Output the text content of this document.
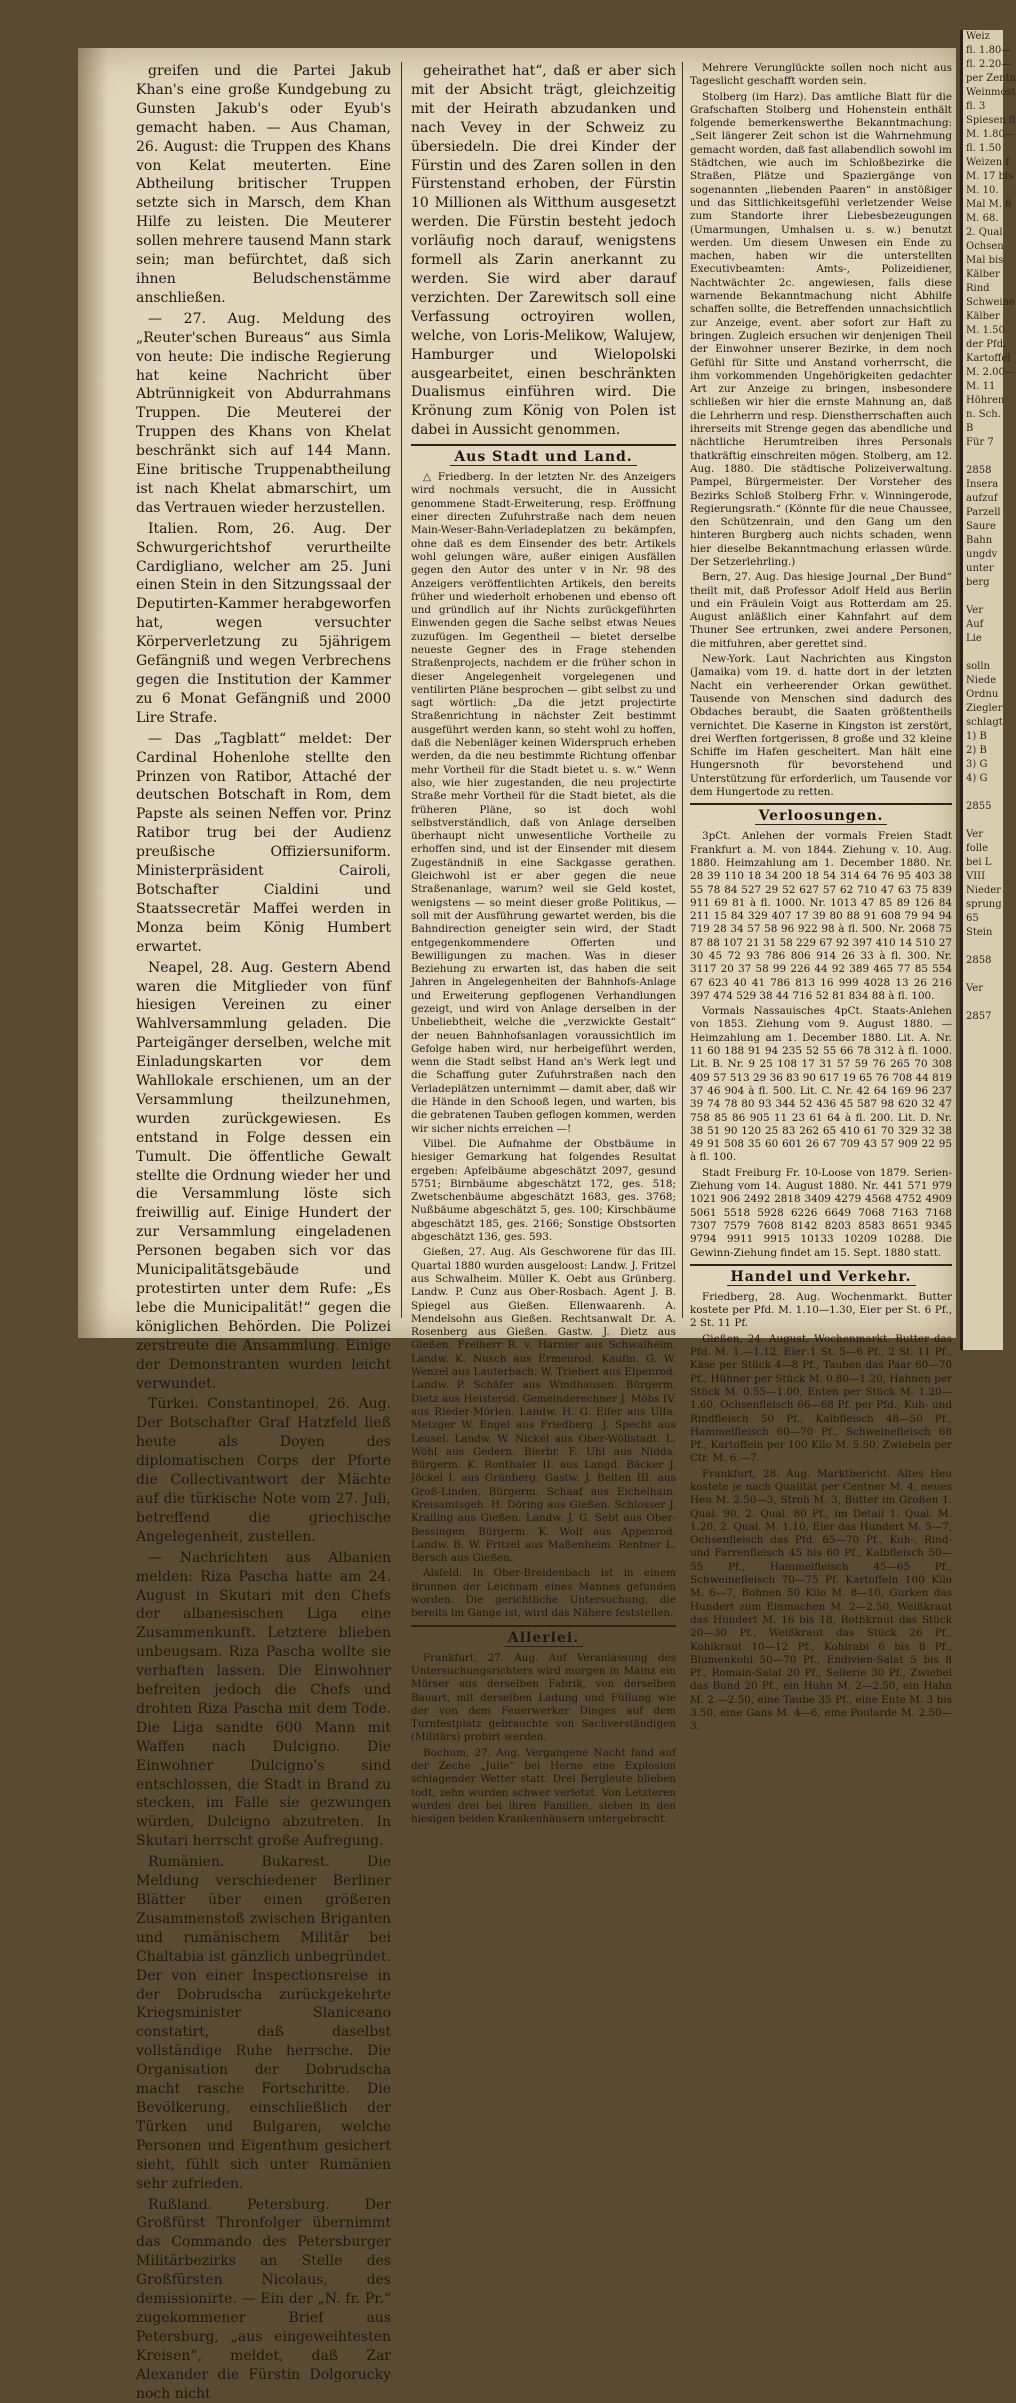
greifen und die Partei Jakub Khan's eine große Kundgebung zu Gunsten Jakub's oder Eyub's gemacht haben. — Aus Chaman, 26. August: die Truppen des Khans von Kelat meuterten. Eine Abtheilung britischer Truppen setzte sich in Marsch, dem Khan Hilfe zu leisten. Die Meuterer sollen mehrere tausend Mann stark sein; man befürchtet, daß sich ihnen Beludschenstämme anschließen.

— 27. Aug. Meldung des „Reuter'schen Bureaus“ aus Simla von heute: Die indische Regierung hat keine Nachricht über Abtrünnigkeit von Abdurrahmans Truppen. Die Meuterei der Truppen des Khans von Khelat beschränkt sich auf 144 Mann. Eine britische Truppenabtheilung ist nach Khelat abmarschirt, um das Vertrauen wieder herzustellen.

Italien. Rom, 26. Aug. Der Schwurgerichtshof verurtheilte Cardigliano, welcher am 25. Juni einen Stein in den Sitzungssaal der Deputirten-Kammer herabgeworfen hat, wegen versuchter Körperverletzung zu 5jährigem Gefängniß und wegen Verbrechens gegen die Institution der Kammer zu 6 Monat Gefängniß und 2000 Lire Strafe.

— Das „Tagblatt“ meldet: Der Cardinal Hohenlohe stellte den Prinzen von Ratibor, Attaché der deutschen Botschaft in Rom, dem Papste als seinen Neffen vor. Prinz Ratibor trug bei der Audienz preußische Offiziersuniform. Ministerpräsident Cairoli, Botschafter Cialdini und Staatssecretär Maffei werden in Monza beim König Humbert erwartet.

Neapel, 28. Aug. Gestern Abend waren die Mitglieder von fünf hiesigen Vereinen zu einer Wahlversammlung geladen. Die Parteigänger derselben, welche mit Einladungskarten vor dem Wahllokale erschienen, um an der Versammlung theilzunehmen, wurden zurückgewiesen. Es entstand in Folge dessen ein Tumult. Die öffentliche Gewalt stellte die Ordnung wieder her und die Versammlung löste sich freiwillig auf. Einige Hundert der zur Versammlung eingeladenen Personen begaben sich vor das Municipalitätsgebäude und protestirten unter dem Rufe: „Es lebe die Municipalität!“ gegen die königlichen Behörden. Die Polizei zerstreute die Ansammlung. Einige der Demonstranten wurden leicht verwundet.

Türkei. Constantinopel, 26. Aug. Der Botschafter Graf Hatzfeld ließ heute als Doyen des diplomatischen Corps der Pforte die Collectivantwort der Mächte auf die türkische Note vom 27. Juli, betreffend die griechische Angelegenheit, zustellen.

— Nachrichten aus Albanien melden: Riza Pascha hatte am 24. August in Skutari mit den Chefs der albanesischen Liga eine Zusammenkunft. Letztere blieben unbeugsam. Riza Pascha wollte sie verhaften lassen. Die Einwohner befreiten jedoch die Chefs und drohten Riza Pascha mit dem Tode. Die Liga sandte 600 Mann mit Waffen nach Dulcigno. Die Einwohner Dulcigno's sind entschlossen, die Stadt in Brand zu stecken, im Falle sie gezwungen würden, Dulcigno abzutreten. In Skutari herrscht große Aufregung.

Rumänien. Bukarest. Die Meldung verschiedener Berliner Blätter über einen größeren Zusammenstoß zwischen Briganten und rumänischem Militär bei Chaltabia ist gänzlich unbegründet. Der von einer Inspectionsreise in der Dobrudscha zurückgekehrte Kriegsminister Slaniceano constatirt, daß daselbst vollständige Ruhe herrsche. Die Organisation der Dobrudscha macht rasche Fortschritte. Die Bevölkerung, einschließlich der Türken und Bulgaren, welche Personen und Eigenthum gesichert sieht, fühlt sich unter Rumänien sehr zufrieden.

Rußland. Petersburg. Der Großfürst Thronfolger übernimmt das Commando des Petersburger Militärbezirks an Stelle des Großfürsten Nicolaus, des demissionirte. — Ein der „N. fr. Pr.“ zugekommener Brief aus Petersburg, „aus eingeweihtesten Kreisen“, meldet, daß Zar Alexander die Fürstin Dolgorucky noch nicht

geheirathet hat“, daß er aber sich mit der Absicht trägt, gleichzeitig mit der Heirath abzudanken und nach Vevey in der Schweiz zu übersiedeln. Die drei Kinder der Fürstin und des Zaren sollen in den Fürstenstand erhoben, der Fürstin 10 Millionen als Witthum ausgesetzt werden. Die Fürstin besteht jedoch vorläufig noch darauf, wenigstens formell als Zarin anerkannt zu werden. Sie wird aber darauf verzichten. Der Zarewitsch soll eine Verfassung octroyiren wollen, welche, von Loris-Melikow, Walujew, Hamburger und Wielopolski ausgearbeitet, einen beschränkten Dualismus einführen wird. Die Krönung zum König von Polen ist dabei in Aussicht genommen.

Aus Stadt und Land.

△ Friedberg. In der letzten Nr. des Anzeigers wird nochmals versucht, die in Aussicht genommene Stadt-Erweiterung, resp. Eröffnung einer directen Zufuhrstraße nach dem neuen Main-Weser-Bahn-Verladeplatzen zu bekämpfen, ohne daß es dem Einsender des betr. Artikels wohl gelungen wäre, außer einigen Ausfällen gegen den Autor des unter v in Nr. 98 des Anzeigers veröffentlichten Artikels, den bereits früher und wiederholt erhobenen und ebenso oft und gründlich auf ihr Nichts zurückgeführten Einwenden gegen die Sache selbst etwas Neues zuzufügen. Im Gegentheil — bietet derselbe neueste Gegner des in Frage stehenden Straßenprojects, nachdem er die früher schon in dieser Angelegenheit vorgelegenen und ventilirten Pläne besprochen — gibt selbst zu und sagt wörtlich: „Da die jetzt projectirte Straßenrichtung in nächster Zeit bestimmt ausgeführt werden kann, so steht wohl zu hoffen, daß die Nebenläger keinen Widerspruch erheben werden, da die neu bestimmte Richtung offenbar mehr Vortheil für die Stadt bietet u. s. w.“ Wenn also, wie hier zugestanden, die neu projectirte Straße mehr Vortheil für die Stadt bietet, als die früheren Pläne, so ist doch wohl selbstverständlich, daß von Anlage derselben überhaupt nicht unwesentliche Vortheile zu erhoffen sind, und ist der Einsender mit diesem Zugeständniß in eine Sackgasse gerathen. Gleichwohl ist er aber gegen die neue Straßenanlage, warum? weil sie Geld kostet, wenigstens — so meint dieser große Politikus, — soll mit der Ausführung gewartet werden, bis die Bahndirection geneigter sein wird, der Stadt entgegenkommendere Offerten und Bewilligungen zu machen. Was in dieser Beziehung zu erwarten ist, das haben die seit Jahren in Angelegenheiten der Bahnhofs-Anlage und Erweiterung gepflogenen Verhandlungen gezeigt, und wird von Anlage derselben in der Unbeliebtheit, welche die „verzwickte Gestalt“ der neuen Bahnhofsanlagen voraussichtlich im Gefolge haben wird, nur herbeigeführt werden, wenn die Stadt selbst Hand an's Werk legt und die Schaffung guter Zufuhrstraßen nach den Verladeplätzen unternimmt — damit aber, daß wir die Hände in den Schooß legen, und warten, bis die gebratenen Tauben geflogen kommen, werden wir sicher nichts erreichen —!

Vilbel. Die Aufnahme der Obstbäume in hiesiger Gemarkung hat folgendes Resultat ergeben: Apfelbäume abgeschätzt 2097, gesund 5751; Birnbäume abgeschätzt 172, ges. 518; Zwetschenbäume abgeschätzt 1683, ges. 3768; Nußbäume abgeschätzt 5, ges. 100; Kirschbäume abgeschätzt 185, ges. 2166; Sonstige Obstsorten abgeschätzt 136, ges. 593.

Gießen, 27. Aug. Als Geschworene für das III. Quartal 1880 wurden ausgeloost: Landw. J. Fritzel aus Schwalheim. Müller K. Oebt aus Grünberg. Landw. P. Cunz aus Ober-Rosbach. Agent J. B. Spiegel aus Gießen. Ellenwaarenh. A. Mendelsohn aus Gießen. Rechtsanwalt Dr. A. Rosenberg aus Gießen. Gastw. J. Dietz aus Gießen. Freiherr R. v. Harnier aus Schwalheim. Landw. K. Nusch aus Ermenrod. Kaufm. G. W. Wenzel aus Lauterbach. W. Triebert aus Elpenrod. Landw. P. Schäfer aus Windhausen. Bürgerm. Dietz aus Heisterod. Gemeinderechner J. Möbs IV. aus Rieder-Mörlen. Landw. H. G. Eifer aus Ulfa. Metzger W. Engel aus Friedberg. J. Specht aus Leusel. Landw. W. Nickel aus Ober-Wöllstadt. L. Wöhl aus Gedern. Bierbr. F. Uhl aus Nidda. Bürgerm. K. Ronthaler II. aus Langd. Bäcker J. Jöckel I. aus Grünberg. Gastw. J. Belten III. aus Groß-Linden. Bürgerm. Schaaf aus Eichelhain. Kreisamtsgeh. H. Döring aus Gießen. Schlosser J. Krailing aus Gießen. Landw. J. G. Sebt aus Ober-Bessingen. Bürgerm. K. Wolf aus Appenrod. Landw. B. W. Fritzel aus Maßenheim. Rentner L. Bersch aus Gießen.

Alsfeld. In Ober-Breidenbach ist in einem Brunnen der Leichnam eines Mannes gefunden worden. Die gerichtliche Untersuchung, die bereits im Gange ist, wird das Nähere feststellen.

Allerlei.

Frankfurt, 27. Aug. Auf Veranlassung des Untersuchungsrichters wird morgen in Mainz ein Mörser aus derselben Fabrik, von derselben Bauart, mit derselben Ladung und Füllung wie der von dem Feuerwerker Dinges auf dem Turnfestplatz gebrauchte von Sachverständigen (Militärs) probirt werden.

Bochum, 27. Aug. Vergangene Nacht fand auf der Zeche „Julie“ bei Herne eine Explosion schlagender Wetter statt. Drei Bergleute blieben todt, zehn wurden schwer verletzt. Von Letzteren wurden drei bei ihren Familien, sieben in den hiesigen beiden Krankenhäusern untergebracht.

Mehrere Verunglückte sollen noch nicht aus Tageslicht geschafft worden sein.

Stolberg (im Harz). Das amtliche Blatt für die Grafschaften Stolberg und Hohenstein enthält folgende bemerkenswerthe Bekanntmachung: „Seit längerer Zeit schon ist die Wahrnehmung gemacht worden, daß fast allabendlich sowohl im Städtchen, wie auch im Schloßbezirke die Straßen, Plätze und Spaziergänge von sogenannten „liebenden Paaren“ in anstößiger und das Sittlichkeitsgefühl verletzender Weise zum Standorte ihrer Liebesbezeugungen (Umarmungen, Umhalsen u. s. w.) benutzt werden. Um diesem Unwesen ein Ende zu machen, haben wir die unterstellten Executivbeamten: Amts-, Polizeidiener, Nachtwächter 2c. angewiesen, falls diese warnende Bekanntmachung nicht Abhilfe schaffen sollte, die Betreffenden unnachsichtlich zur Anzeige, event. aber sofort zur Haft zu bringen. Zugleich ersuchen wir denjenigen Theil der Einwohner unserer Bezirke, in dem noch Gefühl für Sitte und Anstand vorherrscht, die ihm vorkommenden Ungehörigkeiten gedachter Art zur Anzeige zu bringen, insbesondere schließen wir hier die ernste Mahnung an, daß die Lehrherrn und resp. Dienstherrschaften auch ihrerseits mit Strenge gegen das abendliche und nächtliche Herumtreiben ihres Personals thatkräftig einschreiten mögen. Stolberg, am 12. Aug. 1880. Die städtische Polizeiverwaltung. Pampel, Bürgermeister. Der Vorsteher des Bezirks Schloß Stolberg Frhr. v. Winningerode, Regierungsrath.“ (Könnte für die neue Chaussee, den Schützenrain, und den Gang um den hinteren Burgberg auch nichts schaden, wenn hier dieselbe Bekanntmachung erlassen würde. Der Setzerlehrling.)

Bern, 27. Aug. Das hiesige Journal „Der Bund“ theilt mit, daß Professor Adolf Held aus Berlin und ein Fräulein Voigt aus Rotterdam am 25. August anläßlich einer Kahnfahrt auf dem Thuner See ertrunken, zwei andere Personen, die mitfuhren, aber gerettet sind.

New-York. Laut Nachrichten aus Kingston (Jamaika) vom 19. d. hatte dort in der letzten Nacht ein verheerender Orkan gewüthet. Tausende von Menschen sind dadurch des Obdaches beraubt, die Saaten größtentheils vernichtet. Die Kaserne in Kingston ist zerstört, drei Werften fortgerissen, 8 große und 32 kleine Schiffe im Hafen gescheitert. Man hält eine Hungersnoth für bevorstehend und Unterstützung für erforderlich, um Tausende vor dem Hungertode zu retten.

Verloosungen.

3pCt. Anlehen der vormals Freien Stadt Frankfurt a. M. von 1844. Ziehung v. 10. Aug. 1880. Heimzahlung am 1. December 1880. Nr. 28 39 110 18 34 200 18 54 314 64 76 95 403 38 55 78 84 527 29 52 627 57 62 710 47 63 75 839 911 69 81 à fl. 1000. Nr. 1013 47 85 89 126 84 211 15 84 329 407 17 39 80 88 91 608 79 94 94 719 28 34 57 58 96 922 98 à fl. 500. Nr. 2068 75 87 88 107 21 31 58 229 67 92 397 410 14 510 27 30 45 72 93 786 806 914 26 33 à fl. 300. Nr. 3117 20 37 58 99 226 44 92 389 465 77 85 554 67 623 40 41 786 813 16 999 4028 13 26 216 397 474 529 38 44 716 52 81 834 88 à fl. 100.

Vormals Nassauisches 4pCt. Staats-Anlehen von 1853. Ziehung vom 9. August 1880. — Heimzahlung am 1. December 1880. Lit. A. Nr. 11 60 188 91 94 235 52 55 66 78 312 à fl. 1000. Lit. B. Nr. 9 25 108 17 31 57 59 76 265 70 308 409 57 513 29 36 83 90 617 19 65 76 708 44 819 37 46 904 à fl. 500. Lit. C. Nr. 42 64 169 96 237 39 74 78 80 93 344 52 436 45 587 98 620 32 47 758 85 86 905 11 23 61 64 à fl. 200. Lit. D. Nr. 38 51 90 120 25 83 262 65 410 61 70 329 32 38 49 91 508 35 60 601 26 67 709 43 57 909 22 95 à fl. 100.

Stadt Freiburg Fr. 10-Loose von 1879. Serien-Ziehung vom 14. August 1880. Nr. 441 571 979 1021 906 2492 2818 3409 4279 4568 4752 4909 5061 5518 5928 6226 6649 7068 7163 7168 7307 7579 7608 8142 8203 8583 8651 9345 9794 9911 9915 10133 10209 10288. Die Gewinn-Ziehung findet am 15. Sept. 1880 statt.

Handel und Verkehr.

Friedberg, 28. Aug. Wochenmarkt. Butter kostete per Pfd. M. 1.10—1.30, Eier per St. 6 Pf., 2 St. 11 Pf.

Gießen, 24. August. Wochenmarkt. Butter das Pfd. M. 1.—1.12, Eier 1 St. 5—6 Pf., 2 St. 11 Pf., Käse per Stück 4—8 Pf., Tauben das Paar 60—70 Pf., Hühner per Stück M. 0.80—1.20, Hahnen per Stück M. 0.55—1.00, Enten per Stück M. 1.20—1.60, Ochsenfleisch 66—68 Pf. per Pfd., Kuh- und Rindfleisch 50 Pf., Kalbfleisch 48—50 Pf., Hammelfleisch 60—70 Pf., Schweinefleisch 68 Pf., Kartoffeln per 100 Kilo M. 5.50, Zwiebeln per Ctr. M. 6.—7.

Frankfurt, 28. Aug. Marktbericht. Altes Heu kostete je nach Qualität per Centner M. 4, neues Heu M. 2.50—3, Stroh M. 3, Butter im Großen 1. Qual. 90, 2. Qual. 80 Pf., im Detail 1. Qual. M. 1.20, 2. Qual. M. 1.10, Eier das Hundert M. 5—7, Ochsenfleisch das Pfd. 65—70 Pf., Kuh-, Rind- und Farrenfleisch 45 bis 60 Pf., Kalbfleisch 50—55 Pf., Hammelfleisch 45—65 Pf., Schweinefleisch 70—75 Pf. Kartoffeln 100 Kilo M. 6—7, Bohnen 50 Kilo M. 8—10, Gurken das Hundert zum Einmachen M. 2—2.50, Weißkraut das Hundert M. 16 bis 18, Rothkraut das Stück 20—30 Pf., Weißkraut das Stück 26 Pf., Kohlkraut 10—12 Pf., Kohlrabi 6 bis 8 Pf., Blumenkohl 50—70 Pf., Endivien-Salat 5 bis 8 Pf., Romain-Salat 20 Pf., Sellerie 30 Pf., Zwiebel das Bund 20 Pf., ein Huhn M. 2—2.50, ein Hahn M. 2.—2.50, eine Taube 35 Pf., eine Ente M. 3 bis 3.50, eine Gans M. 4—6, eine Poularde M. 2.50—3.

Weiz
fl. 1.80—
fl. 2.20—
per Zentn
Weinmost
fl. 3
Spiesen fl
M. 1.80—
fl. 1.50
Weizen f
M. 17 bis
M. 10.
Mal M. 6
M. 68.
2. Qual
Ochsen
Mal bis
Kälber
Rind
Schweine
Kälber
M. 1.50
der Pfd.
Kartoffel
M. 2.00—
M. 11
Höhren
n. Sch.
B
Für 7

2858
Insera
aufzuf
Parzell
Saure
Bahn
ungdv
unter
berg

Ver
Auf
Lie

solln
Niede
Ordnu
Ziegler
schlagt
1) B
2) B
3) G
4) G

2855

Ver
folle
bei L
VIII
Nieder
sprung
65
Stein

2858

Ver

2857
